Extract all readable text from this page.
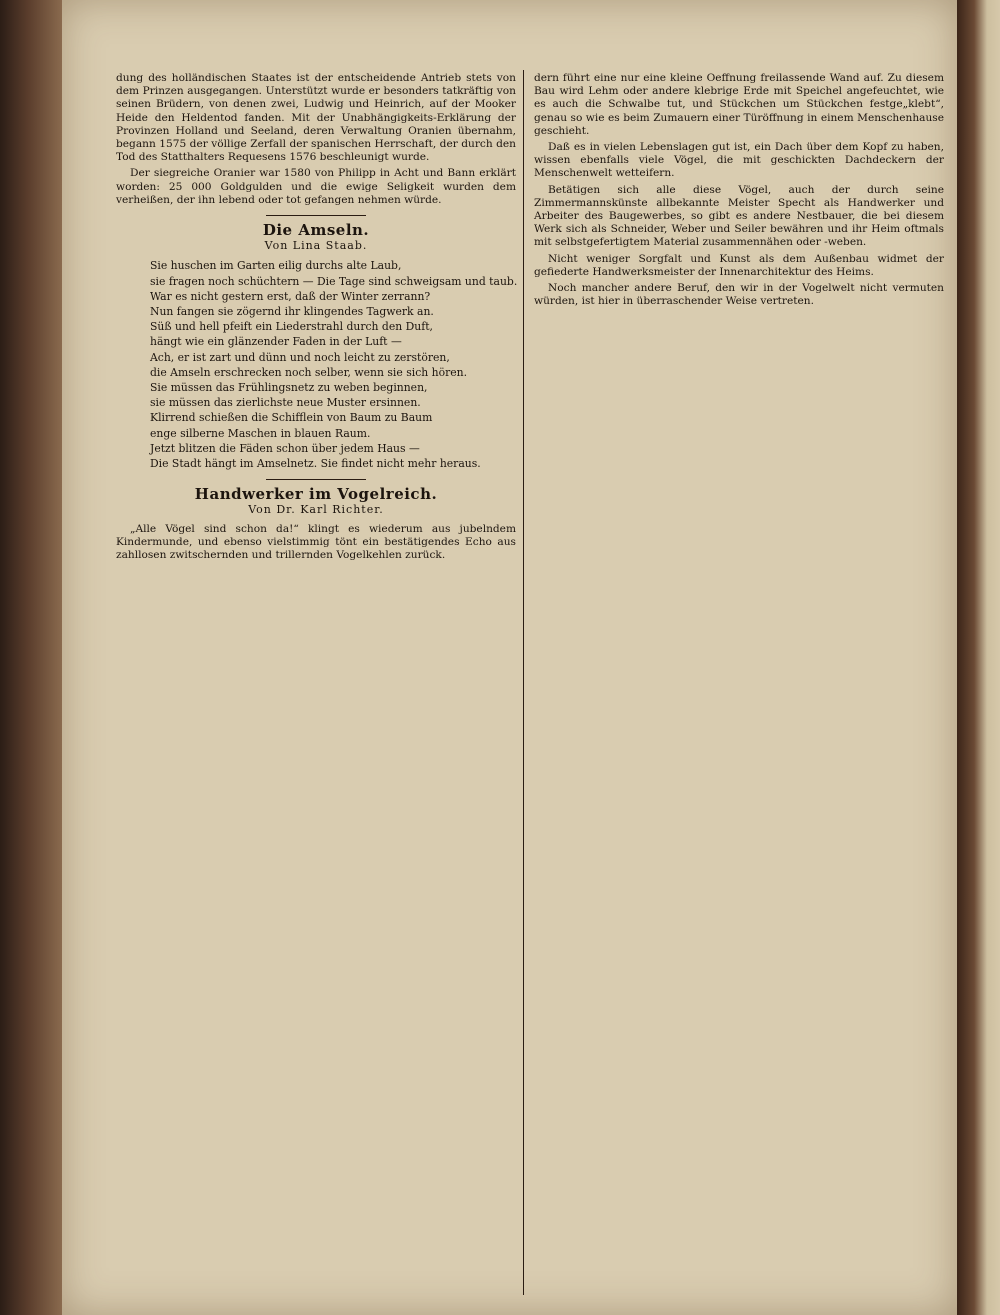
dung des holländischen Staates ist der entscheidende Antrieb stets von dem Prinzen ausgegangen. Unterstützt wurde er besonders tatkräftig von seinen Brüdern, von denen zwei, Ludwig und Heinrich, auf der Mooker Heide den Heldentod fanden. Mit der Unabhängigkeits-Erklärung der Provinzen Holland und Seeland, deren Verwaltung Oranien übernahm, begann 1575 der völlige Zerfall der spanischen Herrschaft, der durch den Tod des Statthalters Requesens 1576 beschleunigt wurde.

Der siegreiche Oranier war 1580 von Philipp in Acht und Bann erklärt worden: 25 000 Goldgulden und die ewige Seligkeit wurden dem verheißen, der ihn lebend oder tot gefangen nehmen würde.

Die Amseln.
Von Lina Staab.
Sie huschen im Garten eilig durchs alte Laub,
sie fragen noch schüchtern — Die Tage sind schweigsam und taub.
War es nicht gestern erst, daß der Winter zerrann?
Nun fangen sie zögernd ihr klingendes Tagwerk an.
Süß und hell pfeift ein Liederstrahl durch den Duft,
hängt wie ein glänzender Faden in der Luft —
Ach, er ist zart und dünn und noch leicht zu zerstören,
die Amseln erschrecken noch selber, wenn sie sich hören.
Sie müssen das Frühlingsnetz zu weben beginnen,
sie müssen das zierlichste neue Muster ersinnen.
Klirrend schießen die Schifflein von Baum zu Baum
enge silberne Maschen in blauen Raum.
Jetzt blitzen die Fäden schon über jedem Haus —
Die Stadt hängt im Amselnetz. Sie findet nicht mehr heraus.
Handwerker im Vogelreich.
Von Dr. Karl Richter.

„Alle Vögel sind schon da!“ klingt es wiederum aus jubelndem Kindermunde, und ebenso vielstimmig tönt ein bestätigendes Echo aus zahllosen zwitschernden und trillernden Vogelkehlen zurück.

dern führt eine nur eine kleine Oeffnung freilassende Wand auf. Zu diesem Bau wird Lehm oder andere klebrige Erde mit Speichel angefeuchtet, wie es auch die Schwalbe tut, und Stückchen um Stückchen festge„klebt“, genau so wie es beim Zumauern einer Türöffnung in einem Menschenhause geschieht.

Daß es in vielen Lebenslagen gut ist, ein Dach über dem Kopf zu haben, wissen ebenfalls viele Vögel, die mit geschickten Dachdeckern der Menschenwelt wetteifern.

Betätigen sich alle diese Vögel, auch der durch seine Zimmermannskünste allbekannte Meister Specht als Handwerker und Arbeiter des Baugewerbes, so gibt es andere Nestbauer, die bei diesem Werk sich als Schneider, Weber und Seiler bewähren und ihr Heim oftmals mit selbstgefertigtem Material zusammennähen oder -weben.

Nicht weniger Sorgfalt und Kunst als dem Außenbau widmet der gefiederte Handwerksmeister der Innenarchitektur des Heims.

Noch mancher andere Beruf, den wir in der Vogelwelt nicht vermuten würden, ist hier in überraschender Weise vertreten.
